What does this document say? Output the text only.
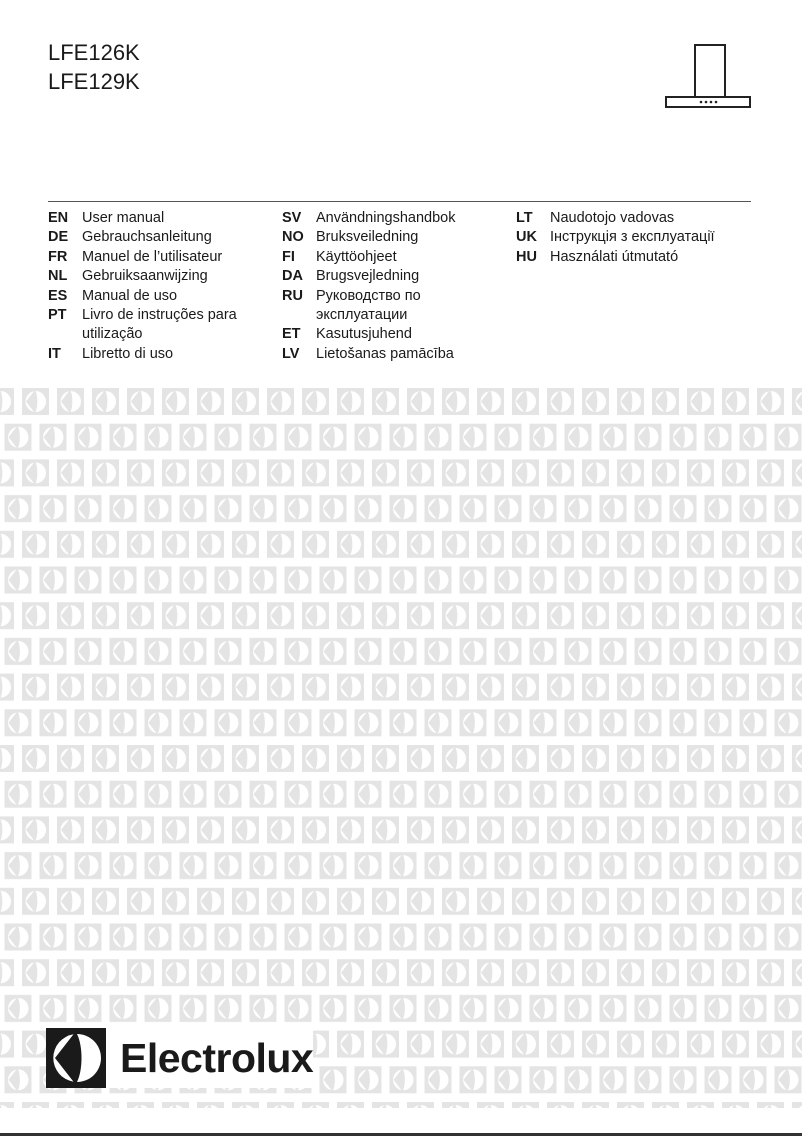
LFE126K
LFE129K
EN User manual
DE Gebrauchsanleitung
FR	Manuel de l’utilisateur
NL	Gebruiksaanwijzing
ES	Manual de uso
PT	Livro de instruções para utilização
IT	Libretto di uso
SV	Användningshandbok
NO Bruksveiledning
FI	Käyttöohjeet
DA Brugsvejledning
RU Руководство по эксплуатации
ET	Kasutusjuhend
LV	Lietošanas pamācība
LT	Naudotojo vadovas
UK Інструкція з експлуатації
HU Használati útmutató
Electrolux
